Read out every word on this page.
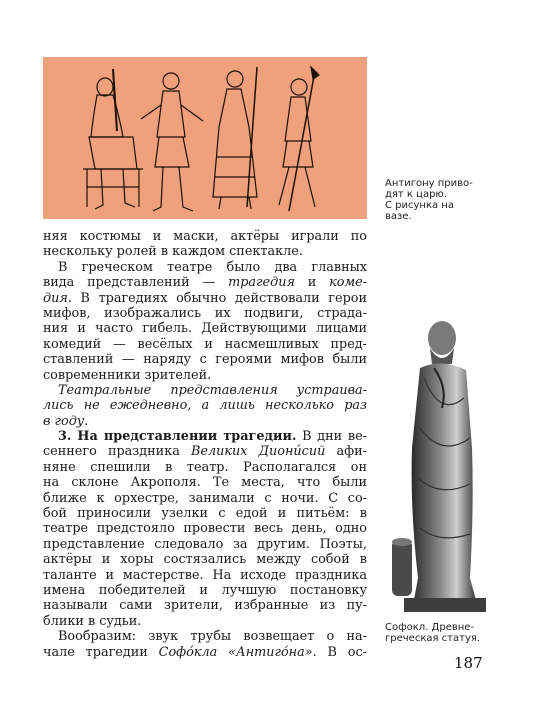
Антигону приво-
дят к царю.
С рисунка на
вазе.
няя костюмы и маски, актёры играли по
нескольку ролей в каждом спектакле.
В греческом театре было два главных
вида представлений — трагедия и коме-
дия. В трагедиях обычно действовали герои
мифов, изображались их подвиги, страда-
ния и часто гибель. Действующими лицами
комедий — весёлых и насмешливых пред-
ставлений — наряду с героями мифов были
современники зрителей.
Театральные представления устраива-
лись не ежедневно, а лишь несколько раз
в году.
3. На представлении трагедии. В дни ве-
сеннего праздника Великих Диони́сий афи-
няне спешили в театр. Располагался он
на склоне Акрополя. Те места, что были
ближе к орхестре, занимали с ночи. С со-
бой приносили узелки с едой и питьём: в
театре предстояло провести весь день, одно
представление следовало за другим. Поэты,
актёры и хоры состязались между собой в
таланте и мастерстве. На исходе праздника
имена победителей и лучшую постановку
называли сами зрители, избранные из пу-
блики в судьи.
Вообразим: звук трубы возвещает о на-
чале трагедии Софо́кла «Антиго́на». В ос-
Софокл. Древне-
греческая статуя.
187
